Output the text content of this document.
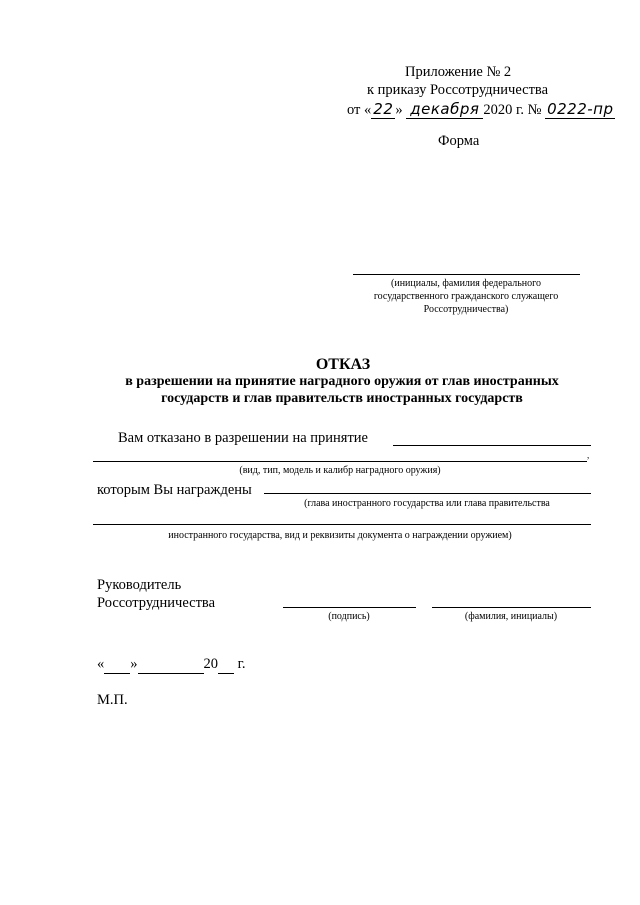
Приложение № 2
к приказу Россотрудничества
от « 22 » декабря 2020 г. № 0222-пр
Форма
(инициалы, фамилия федерального
государственного гражданского служащего
Россотрудничества)
ОТКАЗ
в разрешении на принятие наградного оружия от глав иностранных
государств и глав правительств иностранных государств
Вам отказано в разрешении на принятие
,
(вид, тип, модель и калибр наградного оружия)
которым Вы награждены
(глава иностранного государства или глава правительства
иностранного государства, вид и реквизиты документа о награждении оружием)
Руководитель
Россотрудничества
(подпись)	(фамилия, инициалы)
« »	20 г.
М.П.
